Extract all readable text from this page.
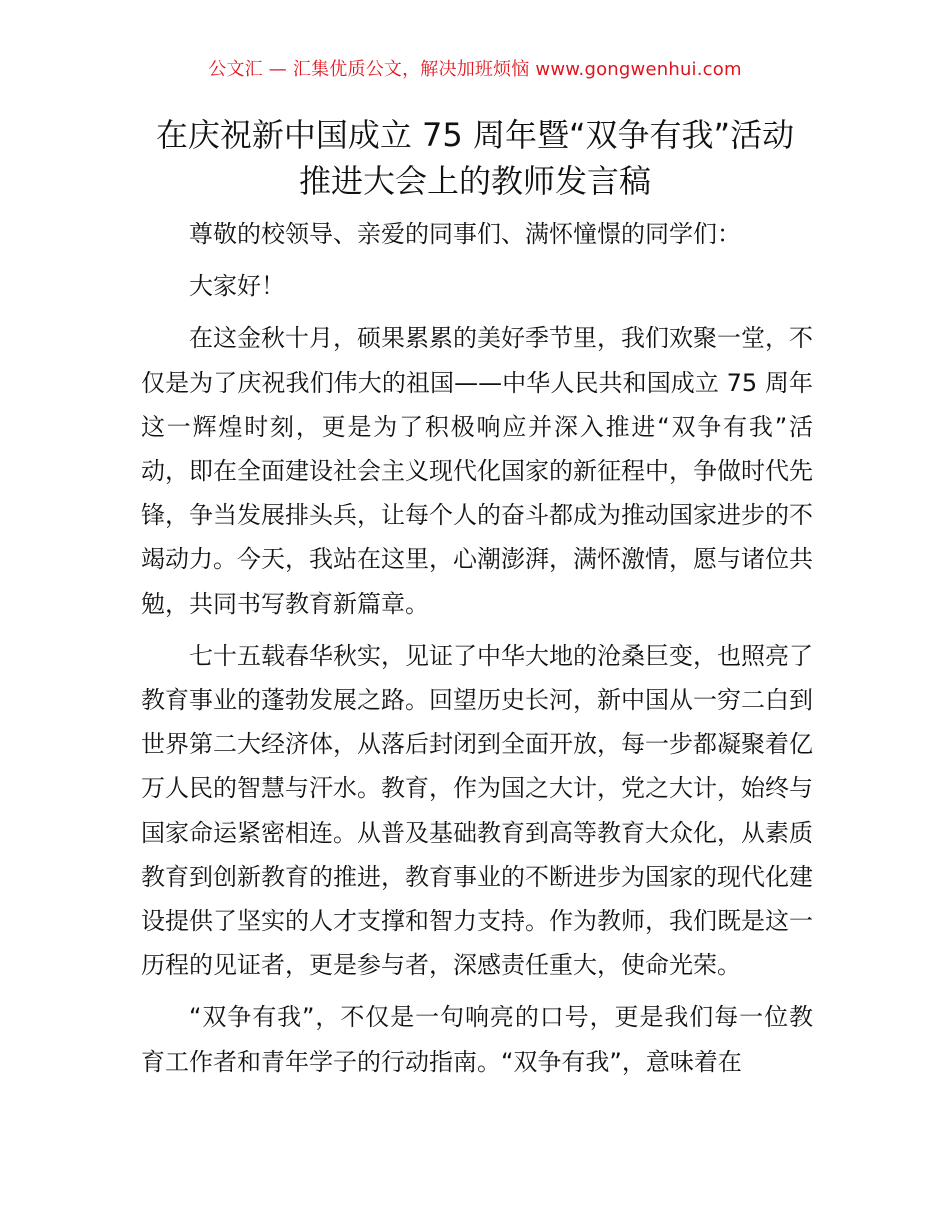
公文汇 — 汇集优质公文，解决加班烦恼 www.gongwenhui.com
在庆祝新中国成立 75 周年暨“双争有我”活动
推进大会上的教师发言稿

尊敬的校领导、亲爱的同事们、满怀憧憬的同学们：

大家好！

在这金秋十月，硕果累累的美好季节里，我们欢聚一堂，不仅是为了庆祝我们伟大的祖国——中华人民共和国成立 75 周年这一辉煌时刻，更是为了积极响应并深入推进“双争有我”活动，即在全面建设社会主义现代化国家的新征程中，争做时代先锋，争当发展排头兵，让每个人的奋斗都成为推动国家进步的不竭动力。今天，我站在这里，心潮澎湃，满怀激情，愿与诸位共勉，共同书写教育新篇章。

七十五载春华秋实，见证了中华大地的沧桑巨变，也照亮了教育事业的蓬勃发展之路。回望历史长河，新中国从一穷二白到世界第二大经济体，从落后封闭到全面开放，每一步都凝聚着亿万人民的智慧与汗水。教育，作为国之大计，党之大计，始终与国家命运紧密相连。从普及基础教育到高等教育大众化，从素质教育到创新教育的推进，教育事业的不断进步为国家的现代化建设提供了坚实的人才支撑和智力支持。作为教师，我们既是这一历程的见证者，更是参与者，深感责任重大，使命光荣。

“双争有我”，不仅是一句响亮的口号，更是我们每一位教育工作者和青年学子的行动指南。“双争有我”，意味着在
